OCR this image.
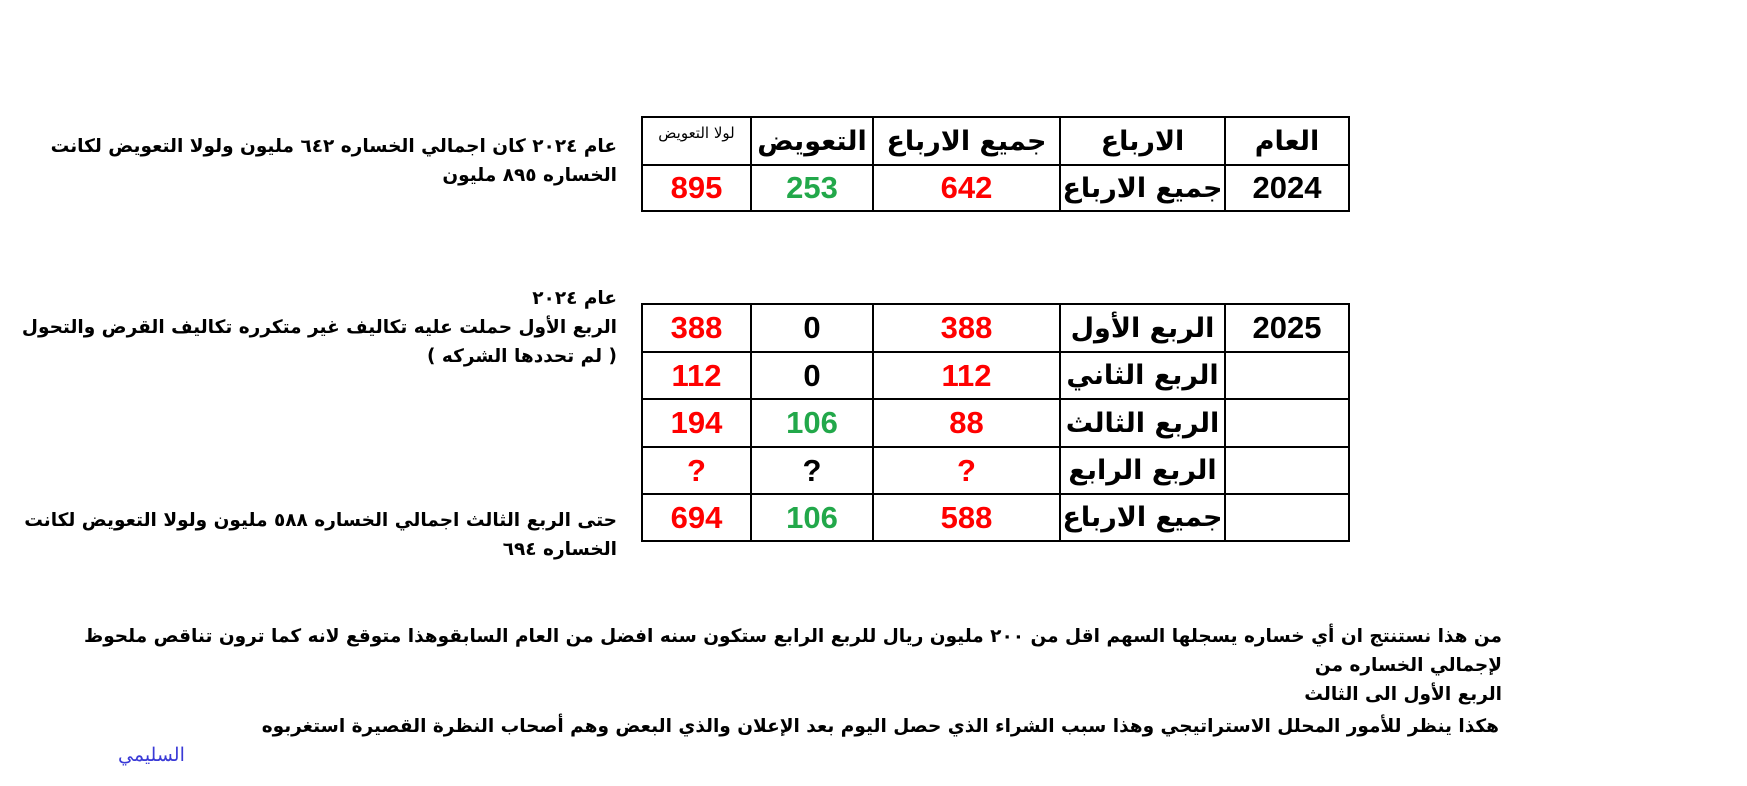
لولا التعويض	التعويض	جميع الارباع	الارباع	العام
895	253	642	جميع الارباع	2024
388	0	388	الربع الأول	2025
112	0	112	الربع الثاني	
194	106	88	الربع الثالث	
?	?	?	الربع الرابع	
694	106	588	جميع الارباع	
عام ٢٠٢٤ كان اجمالي الخساره ٦٤٢ مليون ولولا التعويض لكانت
الخساره ٨٩٥ مليون
عام ٢٠٢٤
الربع الأول حملت عليه تكاليف غير متكرره تكاليف القرض والتحول
( لم تحددها الشركه )
حتى الربع الثالث اجمالي الخساره ٥٨٨ مليون ولولا التعويض لكانت
الخساره ٦٩٤
من هذا نستنتج ان أي خساره يسجلها السهم اقل من ٢٠٠ مليون ريال للربع الرابع ستكون سنه افضل من العام السابقوهذا متوقع لانه كما ترون تناقص ملحوظ لإجمالي الخساره من
الربع الأول الى الثالث
هكذا ينظر للأمور المحلل الاستراتيجي وهذا سبب الشراء الذي حصل اليوم بعد الإعلان والذي البعض وهم أصحاب النظرة القصيرة استغربوه
السليمي
